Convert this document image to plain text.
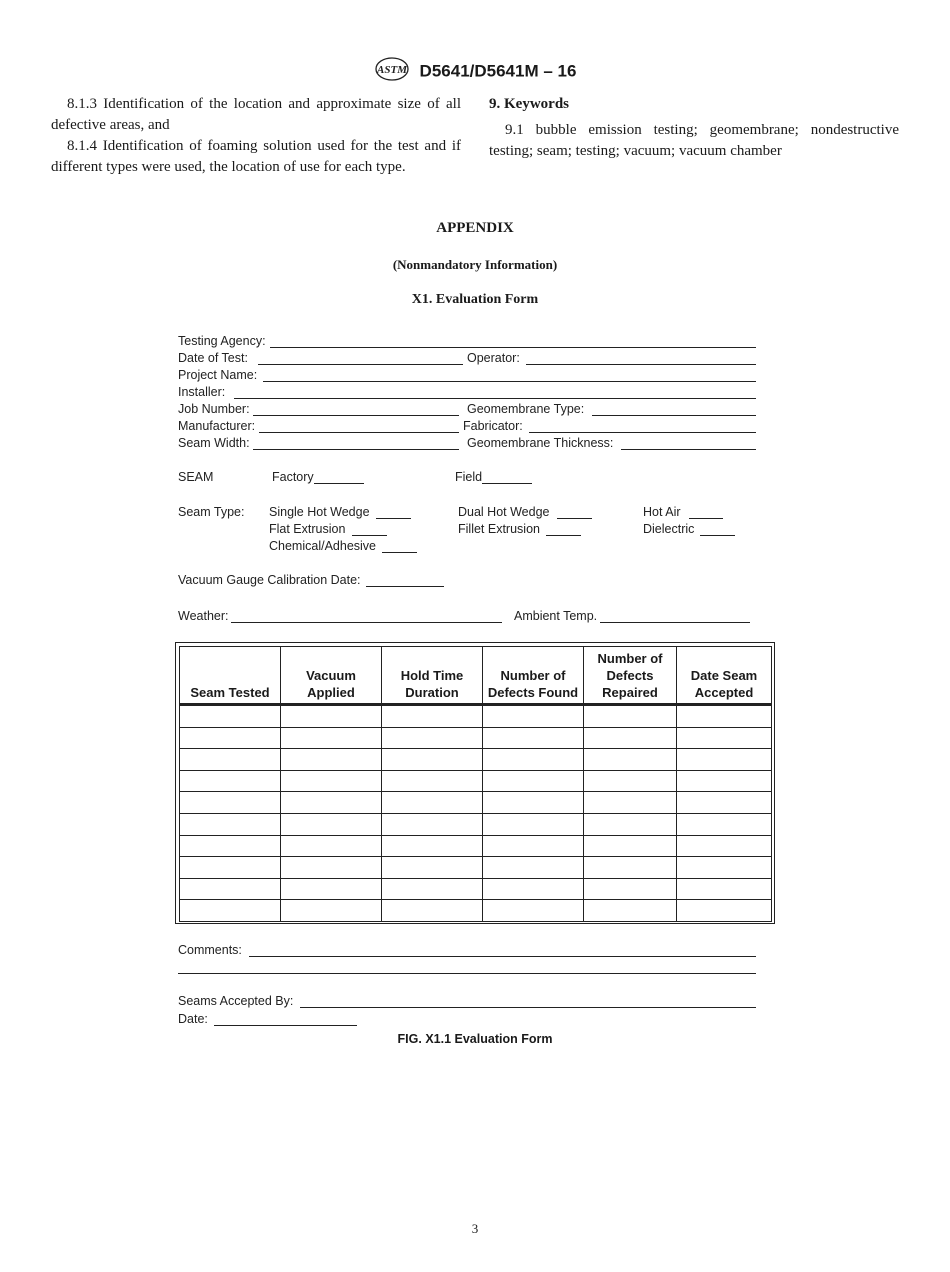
ASTM D5641/D5641M – 16

8.1.3 Identification of the location and approximate size of all defective areas, and

8.1.4 Identification of foaming solution used for the test and if different types were used, the location of use for each type.

9. Keywords

9.1 bubble emission testing; geomembrane; nondestructive testing; seam; testing; vacuum; vacuum chamber

APPENDIX
(Nonmandatory Information)
X1. Evaluation Form
Testing Agency:
Date of Test:	Operator:
Project Name:
Installer:
Job Number:	Geomembrane Type:
Manufacturer:	Fabricator:
Seam Width:	Geomembrane Thickness:
SEAM	Factory	Field
Seam Type: Single Hot Wedge	Dual Hot Wedge	Hot Air
Flat Extrusion	Fillet Extrusion	Dielectric
Chemical/Adhesive
Vacuum Gauge Calibration Date:
Weather:	Ambient Temp.
Seam Tested	Vacuum Applied	Hold Time Duration	Number of Defects Found	Number of Defects Repaired	Date Seam Accepted

Comments:
Seams Accepted By:
Date:
FIG. X1.1 Evaluation Form
3
